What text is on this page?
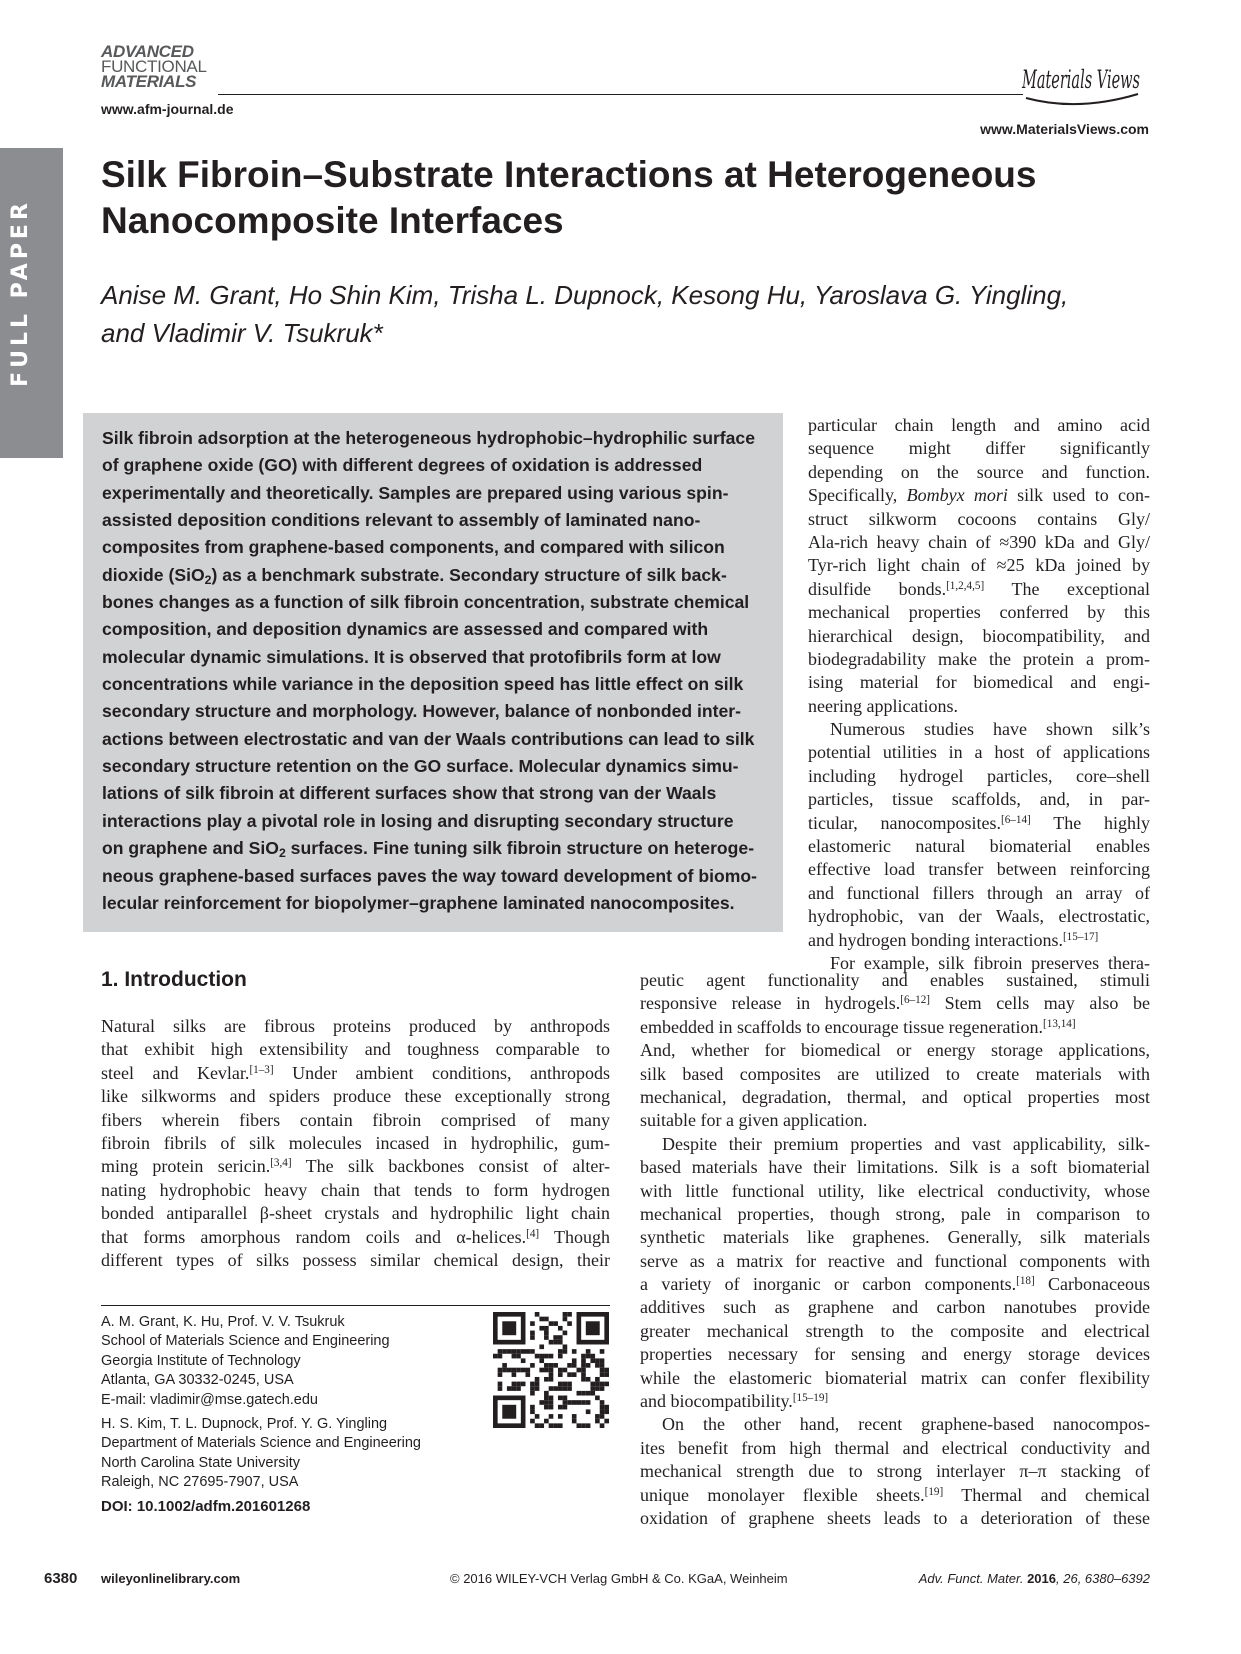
FULL PAPER
ADVANCED
FUNCTIONAL
MATERIALS
www.afm-journal.de
Materials Views
www.MaterialsViews.com
Silk Fibroin–Substrate Interactions at Heterogeneous
Nanocomposite Interfaces

Anise M. Grant, Ho Shin Kim, Trisha L. Dupnock, Kesong Hu, Yaroslava G. Yingling,
and Vladimir V. Tsukruk*

Silk fibroin adsorption at the heterogeneous hydrophobic–hydrophilic surface
of graphene oxide (GO) with different degrees of oxidation is addressed
experimentally and theoretically. Samples are prepared using various spin-
assisted deposition conditions relevant to assembly of laminated nano-
composites from graphene-based components, and compared with silicon
dioxide (SiO$_2$) as a benchmark substrate. Secondary structure of silk back-
bones changes as a function of silk fibroin concentration, substrate chemical
composition, and deposition dynamics are assessed and compared with
molecular dynamic simulations. It is observed that protofibrils form at low
concentrations while variance in the deposition speed has little effect on silk
secondary structure and morphology. However, balance of nonbonded inter-
actions between electrostatic and van der Waals contributions can lead to silk
secondary structure retention on the GO surface. Molecular dynamics simu-
lations of silk fibroin at different surfaces show that strong van der Waals
interactions play a pivotal role in losing and disrupting secondary structure
on graphene and SiO$_2$ surfaces. Fine tuning silk fibroin structure on heteroge-
neous graphene-based surfaces paves the way toward development of biomo-
lecular reinforcement for biopolymer–graphene laminated nanocomposites.
particular chain length and amino acid
sequence might differ significantly
depending on the source and function.
Specifically, Bombyx mori silk used to con-
struct silkworm cocoons contains Gly/
Ala-rich heavy chain of ≈390 kDa and Gly/
Tyr-rich light chain of ≈25 kDa joined by
disulfide bonds.[1,2,4,5] The exceptional
mechanical properties conferred by this
hierarchical design, biocompatibility, and
biodegradability make the protein a prom-
ising material for biomedical and engi-
neering applications.
Numerous studies have shown silk’s
potential utilities in a host of applications
including hydrogel particles, core–shell
particles, tissue scaffolds, and, in par-
ticular, nanocomposites.[6–14] The highly
elastomeric natural biomaterial enables
effective load transfer between reinforcing
and functional fillers through an array of
hydrophobic, van der Waals, electrostatic,
and hydrogen bonding interactions.[15–17]
For example, silk fibroin preserves thera-
1. Introduction
Natural silks are fibrous proteins produced by anthropods
that exhibit high extensibility and toughness comparable to
steel and Kevlar.[1–3] Under ambient conditions, anthropods
like silkworms and spiders produce these exceptionally strong
fibers wherein fibers contain fibroin comprised of many
fibroin fibrils of silk molecules incased in hydrophilic, gum-
ming protein sericin.[3,4] The silk backbones consist of alter-
nating hydrophobic heavy chain that tends to form hydrogen
bonded antiparallel β-sheet crystals and hydrophilic light chain
that forms amorphous random coils and α-helices.[4] Though
different types of silks possess similar chemical design, their
peutic agent functionality and enables sustained, stimuli
responsive release in hydrogels.[6–12] Stem cells may also be
embedded in scaffolds to encourage tissue regeneration.[13,14]
And, whether for biomedical or energy storage applications,
silk based composites are utilized to create materials with
mechanical, degradation, thermal, and optical properties most
suitable for a given application.
Despite their premium properties and vast applicability, silk-
based materials have their limitations. Silk is a soft biomaterial
with little functional utility, like electrical conductivity, whose
mechanical properties, though strong, pale in comparison to
synthetic materials like graphenes. Generally, silk materials
serve as a matrix for reactive and functional components with
a variety of inorganic or carbon components.[18] Carbonaceous
additives such as graphene and carbon nanotubes provide
greater mechanical strength to the composite and electrical
properties necessary for sensing and energy storage devices
while the elastomeric biomaterial matrix can confer flexibility
and biocompatibility.[15–19]
On the other hand, recent graphene-based nanocompos-
ites benefit from high thermal and electrical conductivity and
mechanical strength due to strong interlayer π–π stacking of
unique monolayer flexible sheets.[19] Thermal and chemical
oxidation of graphene sheets leads to a deterioration of these
A. M. Grant, K. Hu, Prof. V. V. Tsukruk
School of Materials Science and Engineering
Georgia Institute of Technology
Atlanta, GA 30332-0245, USA
E-mail: vladimir@mse.gatech.edu
H. S. Kim, T. L. Dupnock, Prof. Y. G. Yingling
Department of Materials Science and Engineering
North Carolina State University
Raleigh, NC 27695-7907, USA
DOI: 10.1002/adfm.201601268
6380 wileyonlinelibrary.com	© 2016 WILEY-VCH Verlag GmbH & Co. KGaA, Weinheim	Adv. Funct. Mater. 2016, 26, 6380–6392
